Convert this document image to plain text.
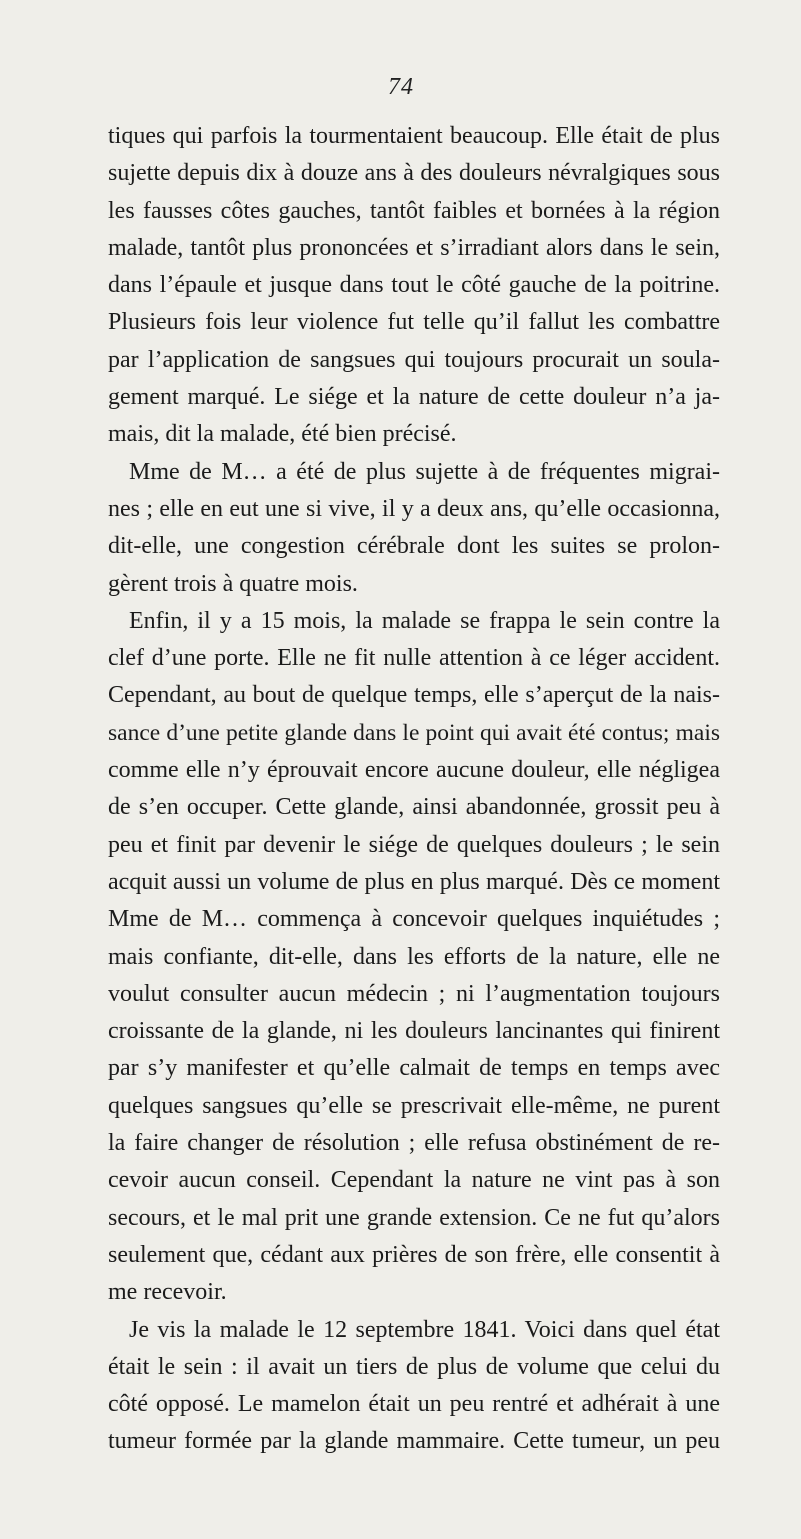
74
tiques qui parfois la tourmentaient beaucoup. Elle était de plus
sujette depuis dix à douze ans à des douleurs névralgiques sous
les fausses côtes gauches, tantôt faibles et bornées à la région
malade, tantôt plus prononcées et s’irradiant alors dans le sein,
dans l’épaule et jusque dans tout le côté gauche de la poitrine.
Plusieurs fois leur violence fut telle qu’il fallut les combattre
par l’application de sangsues qui toujours procurait un soula-
gement marqué. Le siége et la nature de cette douleur n’a ja-
mais, dit la malade, été bien précisé.
Mme de M… a été de plus sujette à de fréquentes migrai-
nes ; elle en eut une si vive, il y a deux ans, qu’elle occasionna,
dit-elle, une congestion cérébrale dont les suites se prolon-
gèrent trois à quatre mois.
Enfin, il y a 15 mois, la malade se frappa le sein contre la
clef d’une porte. Elle ne fit nulle attention à ce léger accident.
Cependant, au bout de quelque temps, elle s’aperçut de la nais-
sance d’une petite glande dans le point qui avait été contus; mais
comme elle n’y éprouvait encore aucune douleur, elle négligea
de s’en occuper. Cette glande, ainsi abandonnée, grossit peu à
peu et finit par devenir le siége de quelques douleurs ; le sein
acquit aussi un volume de plus en plus marqué. Dès ce moment
Mme de M… commença à concevoir quelques inquiétudes ;
mais confiante, dit-elle, dans les efforts de la nature, elle ne
voulut consulter aucun médecin ; ni l’augmentation toujours
croissante de la glande, ni les douleurs lancinantes qui finirent
par s’y manifester et qu’elle calmait de temps en temps avec
quelques sangsues qu’elle se prescrivait elle-même, ne purent
la faire changer de résolution ; elle refusa obstinément de re-
cevoir aucun conseil. Cependant la nature ne vint pas à son
secours, et le mal prit une grande extension. Ce ne fut qu’alors
seulement que, cédant aux prières de son frère, elle consentit à
me recevoir.
Je vis la malade le 12 septembre 1841. Voici dans quel état
était le sein : il avait un tiers de plus de volume que celui du
côté opposé. Le mamelon était un peu rentré et adhérait à une
tumeur formée par la glande mammaire. Cette tumeur, un peu
